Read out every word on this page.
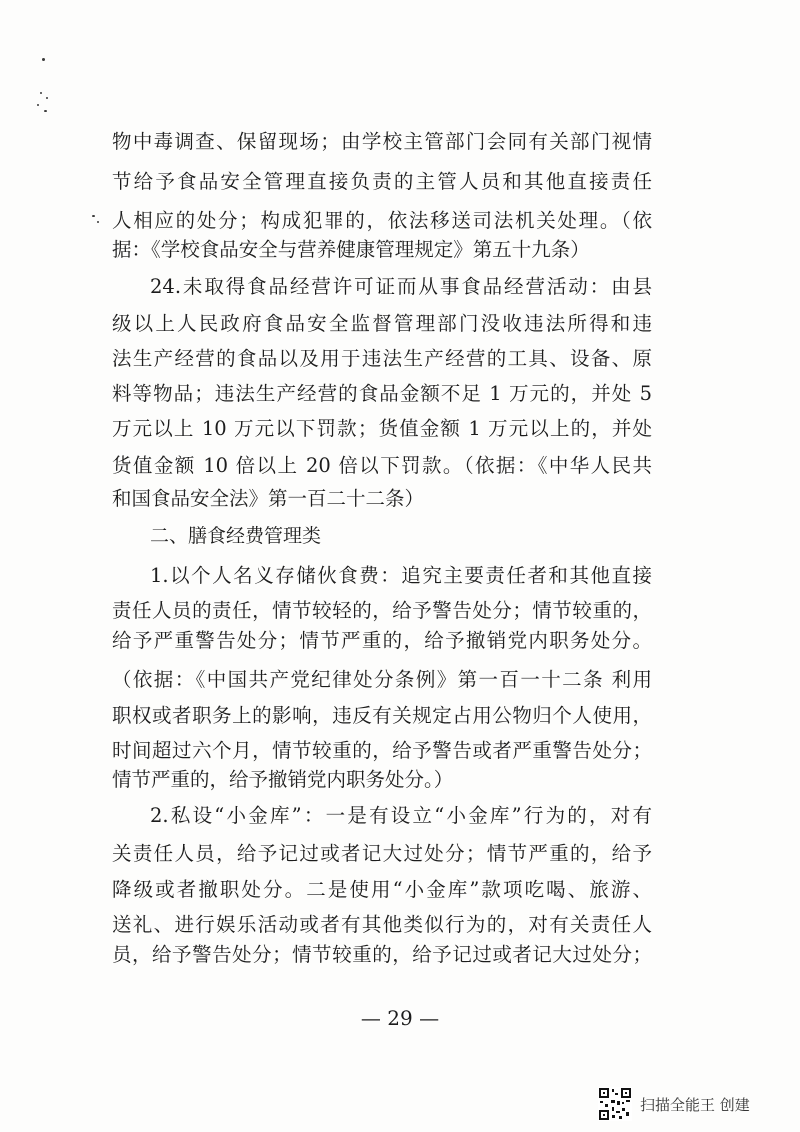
物中毒调查、保留现场；由学校主管部门会同有关部门视情
节给予食品安全管理直接负责的主管人员和其他直接责任
人相应的处分；构成犯罪的，依法移送司法机关处理。（依
据：《学校食品安全与营养健康管理规定》第五十九条）
24.未取得食品经营许可证而从事食品经营活动：由县
级以上人民政府食品安全监督管理部门没收违法所得和违
法生产经营的食品以及用于违法生产经营的工具、设备、原
料等物品；违法生产经营的食品金额不足 1 万元的，并处 5
万元以上 10 万元以下罚款；货值金额 1 万元以上的，并处
货值金额 10 倍以上 20 倍以下罚款。（依据：《中华人民共
和国食品安全法》第一百二十二条）
二、膳食经费管理类
1.以个人名义存储伙食费：追究主要责任者和其他直接
责任人员的责任，情节较轻的，给予警告处分；情节较重的，
给予严重警告处分；情节严重的，给予撤销党内职务处分。
（依据：《中国共产党纪律处分条例》第一百一十二条 利用
职权或者职务上的影响，违反有关规定占用公物归个人使用，
时间超过六个月，情节较重的，给予警告或者严重警告处分；
情节严重的，给予撤销党内职务处分。）
2.私设“小金库”：一是有设立“小金库”行为的，对有
关责任人员，给予记过或者记大过处分；情节严重的，给予
降级或者撤职处分。二是使用“小金库”款项吃喝、旅游、
送礼、进行娱乐活动或者有其他类似行为的，对有关责任人
员，给予警告处分；情节较重的，给予记过或者记大过处分；
— 29 —
扫描全能王 创建
